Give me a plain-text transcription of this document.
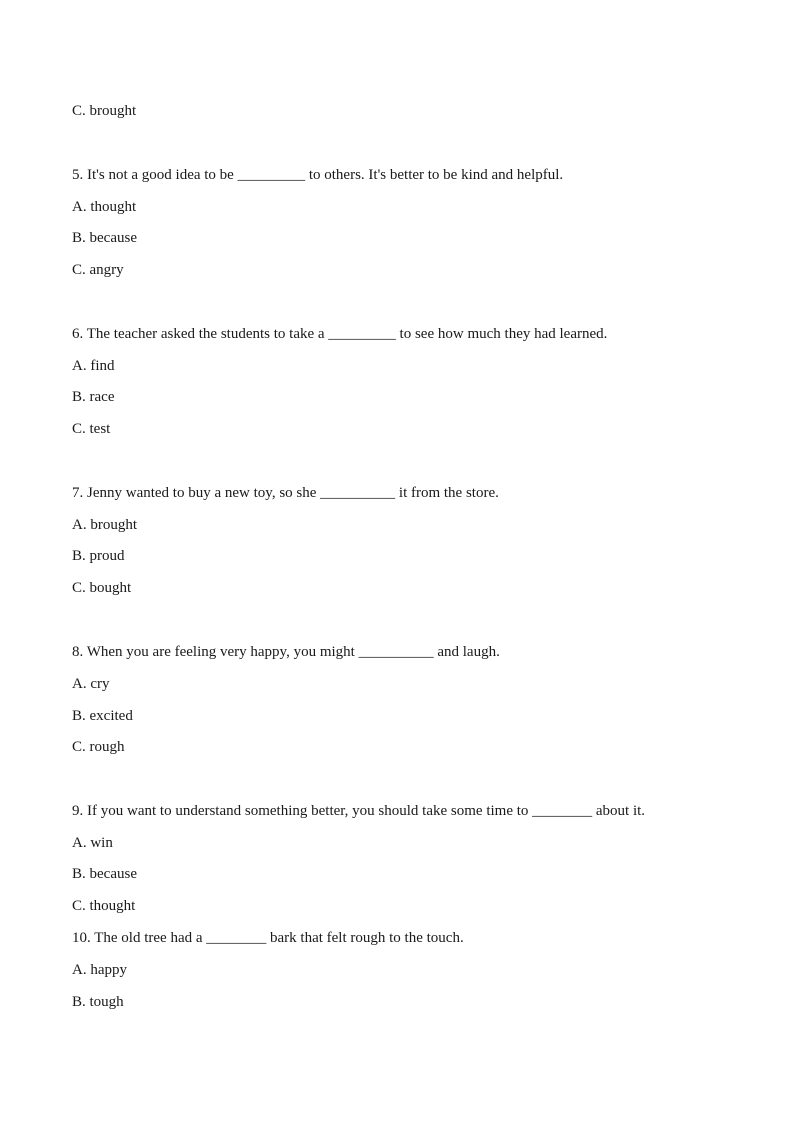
C. brought
5. It's not a good idea to be _________ to others. It's better to be kind and helpful.
A. thought
B. because
C. angry
6. The teacher asked the students to take a _________ to see how much they had learned.
A. find
B. race
C. test
7. Jenny wanted to buy a new toy, so she __________ it from the store.
A. brought
B. proud
C. bought
8. When you are feeling very happy, you might __________ and laugh.
A. cry
B. excited
C. rough
9. If you want to understand something better, you should take some time to ________ about it.
A. win
B. because
C. thought
10. The old tree had a ________ bark that felt rough to the touch.
A. happy
B. tough
